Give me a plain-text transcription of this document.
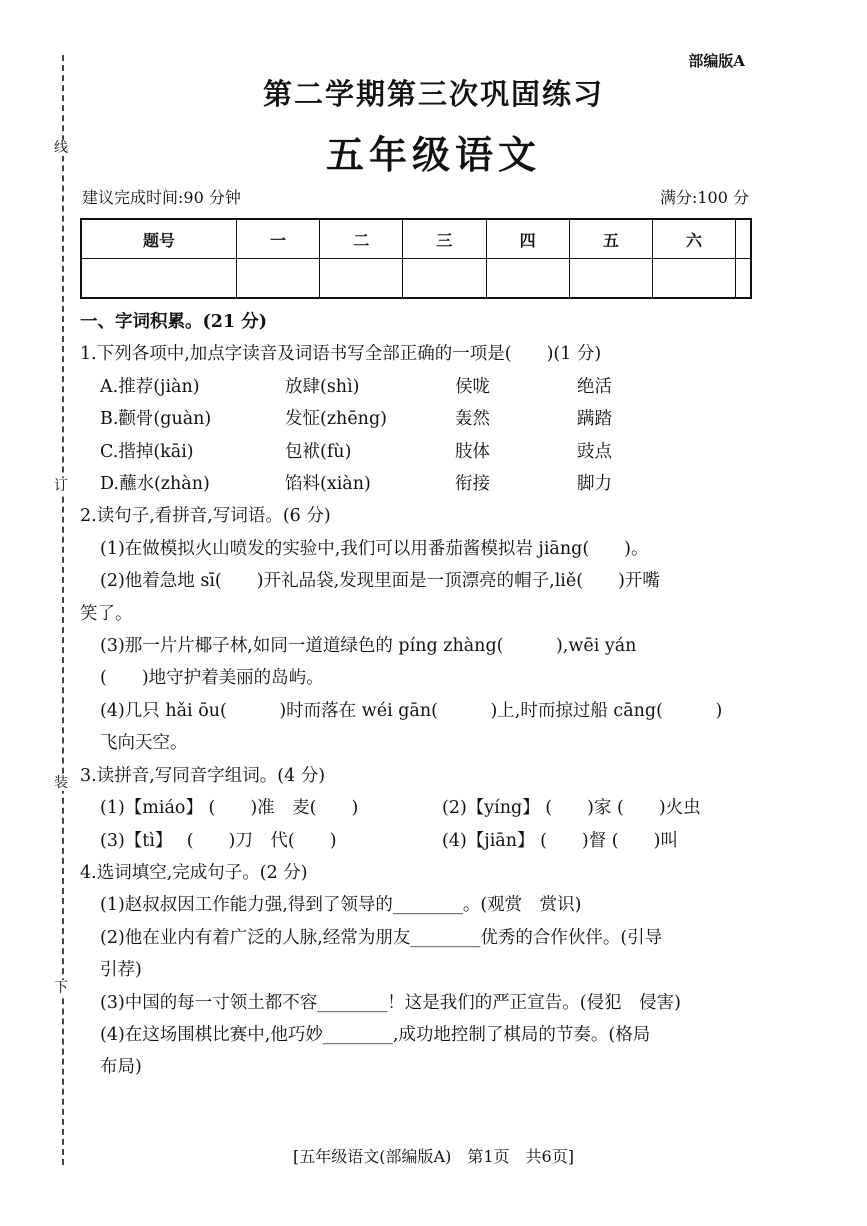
线
订
装
下
部编版A
第二学期第三次巩固练习
五年级语文
建议完成时间:90 分钟	满分:100 分
题号	一	二	三	四	五	六	

一、字词积累。(21 分)
1.下列各项中,加点字读音及词语书写全部正确的一项是(　　)(1 分)
A.推荐(jiàn)	放肆(shì)	侯咙	绝活
B.颧骨(guàn)	发怔(zhēng)	轰然	蹒踏
C.揩掉(kāi)	包袱(fù)	肢体	豉点
D.蘸水(zhàn)	馅料(xiàn)	衔接	脚力
2.读句子,看拼音,写词语。(6 分)
(1)在做模拟火山喷发的实验中,我们可以用番茄酱模拟岩 jiāng(　　)。
(2)他着急地 sī(　　)开礼品袋,发现里面是一顶漂亮的帽子,liě(　　)开嘴
笑了。
(3)那一片片椰子林,如同一道道绿色的 píng zhàng(　　　),wēi yán
(　　)地守护着美丽的岛屿。
(4)几只 hǎi ōu(　　　)时而落在 wéi gān(　　　)上,时而掠过船 cāng(　　　)
飞向天空。
3.读拼音,写同音字组词。(4 分)
(1)【miáo】 (　　)准　麦(　　)	(2)【yíng】 (　　)家 (　　)火虫
(3)【tì】　 (　　)刀　代(　　)	(4)【jiān】 (　　)督 (　　)叫
4.选词填空,完成句子。(2 分)
(1)赵叔叔因工作能力强,得到了领导的________。(观赏　赏识)
(2)他在业内有着广泛的人脉,经常为朋友________优秀的合作伙伴。(引导
引荐)
(3)中国的每一寸领土都不容________！这是我们的严正宣告。(侵犯　侵害)
(4)在这场围棋比赛中,他巧妙________,成功地控制了棋局的节奏。(格局
布局)
[五年级语文(部编版A)　第1页　共6页]
